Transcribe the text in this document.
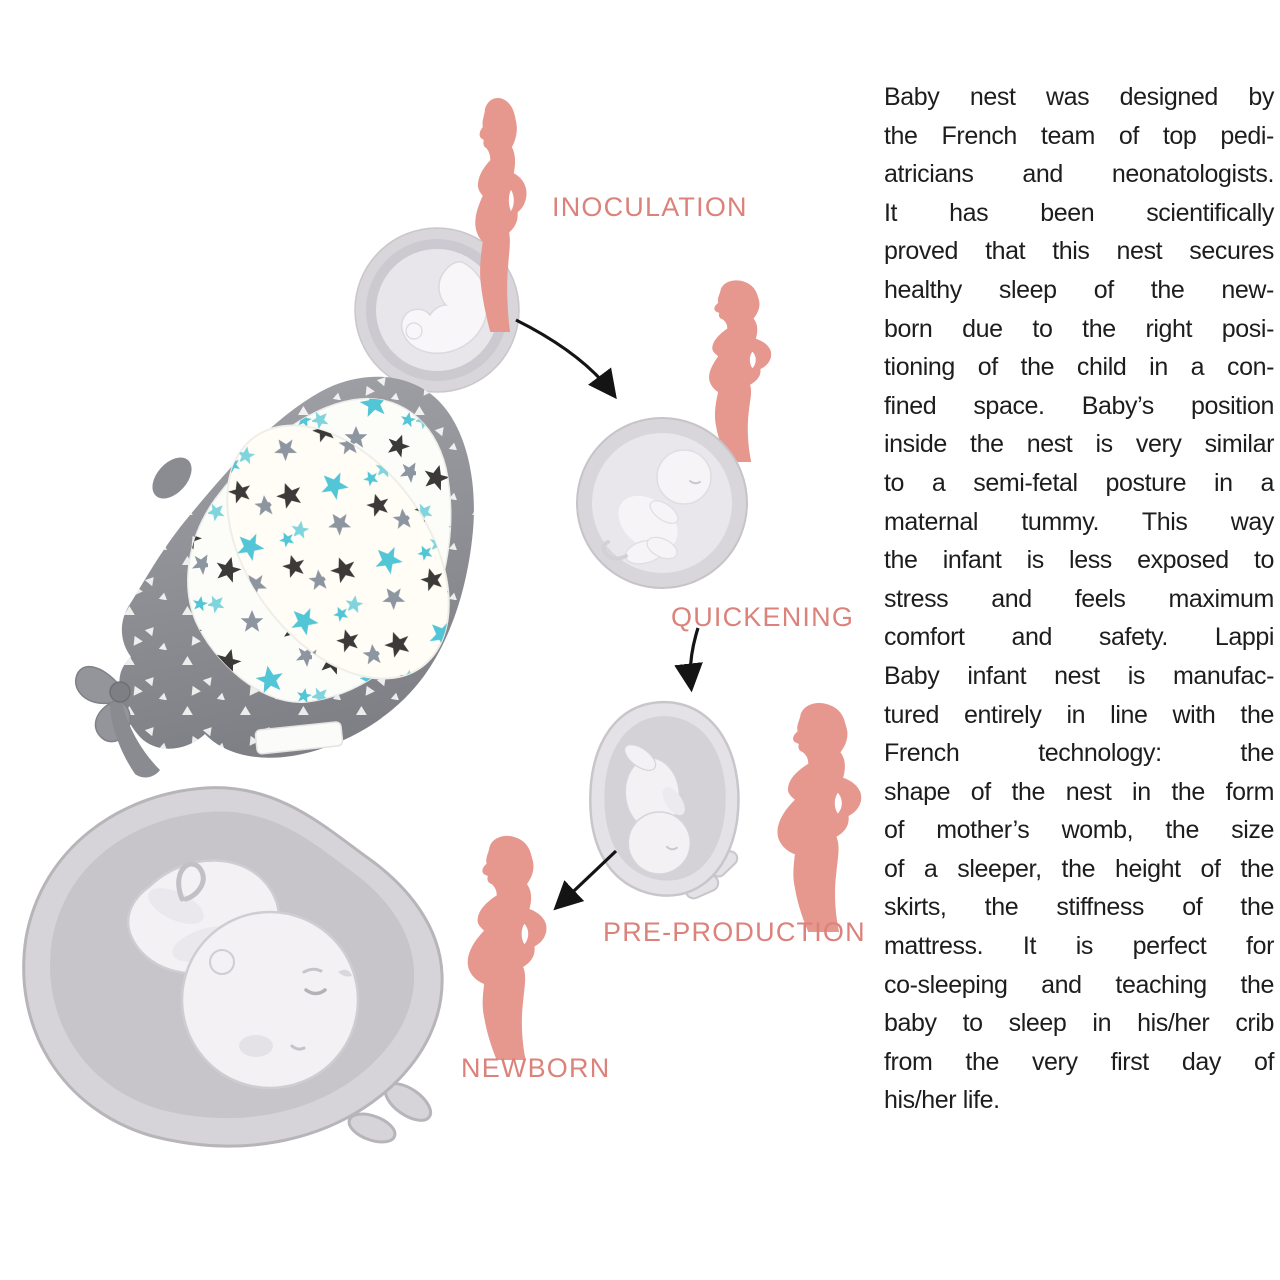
INOCULATION
QUICKENING
PRE-PRODUCTION
NEWBORN
Baby nest was designed by
the French team of top pedi-
atricians and neonatologists.
It has been scientifically
proved that this nest secures
healthy sleep of the new-
born due to the right posi-
tioning of the child in a con-
fined space. Baby’s position
inside the nest is very similar
to a semi-fetal posture in a
maternal tummy. This way
the infant is less exposed to
stress and feels maximum
comfort and safety. Lappi
Baby infant nest is manufac-
tured entirely in line with the
French technology: the
shape of the nest in the form
of mother’s womb, the size
of a sleeper, the height of the
skirts, the stiffness of the
mattress. It is perfect for
co-sleeping and teaching the
baby to sleep in his/her crib
from the very first day of
his/her life.
